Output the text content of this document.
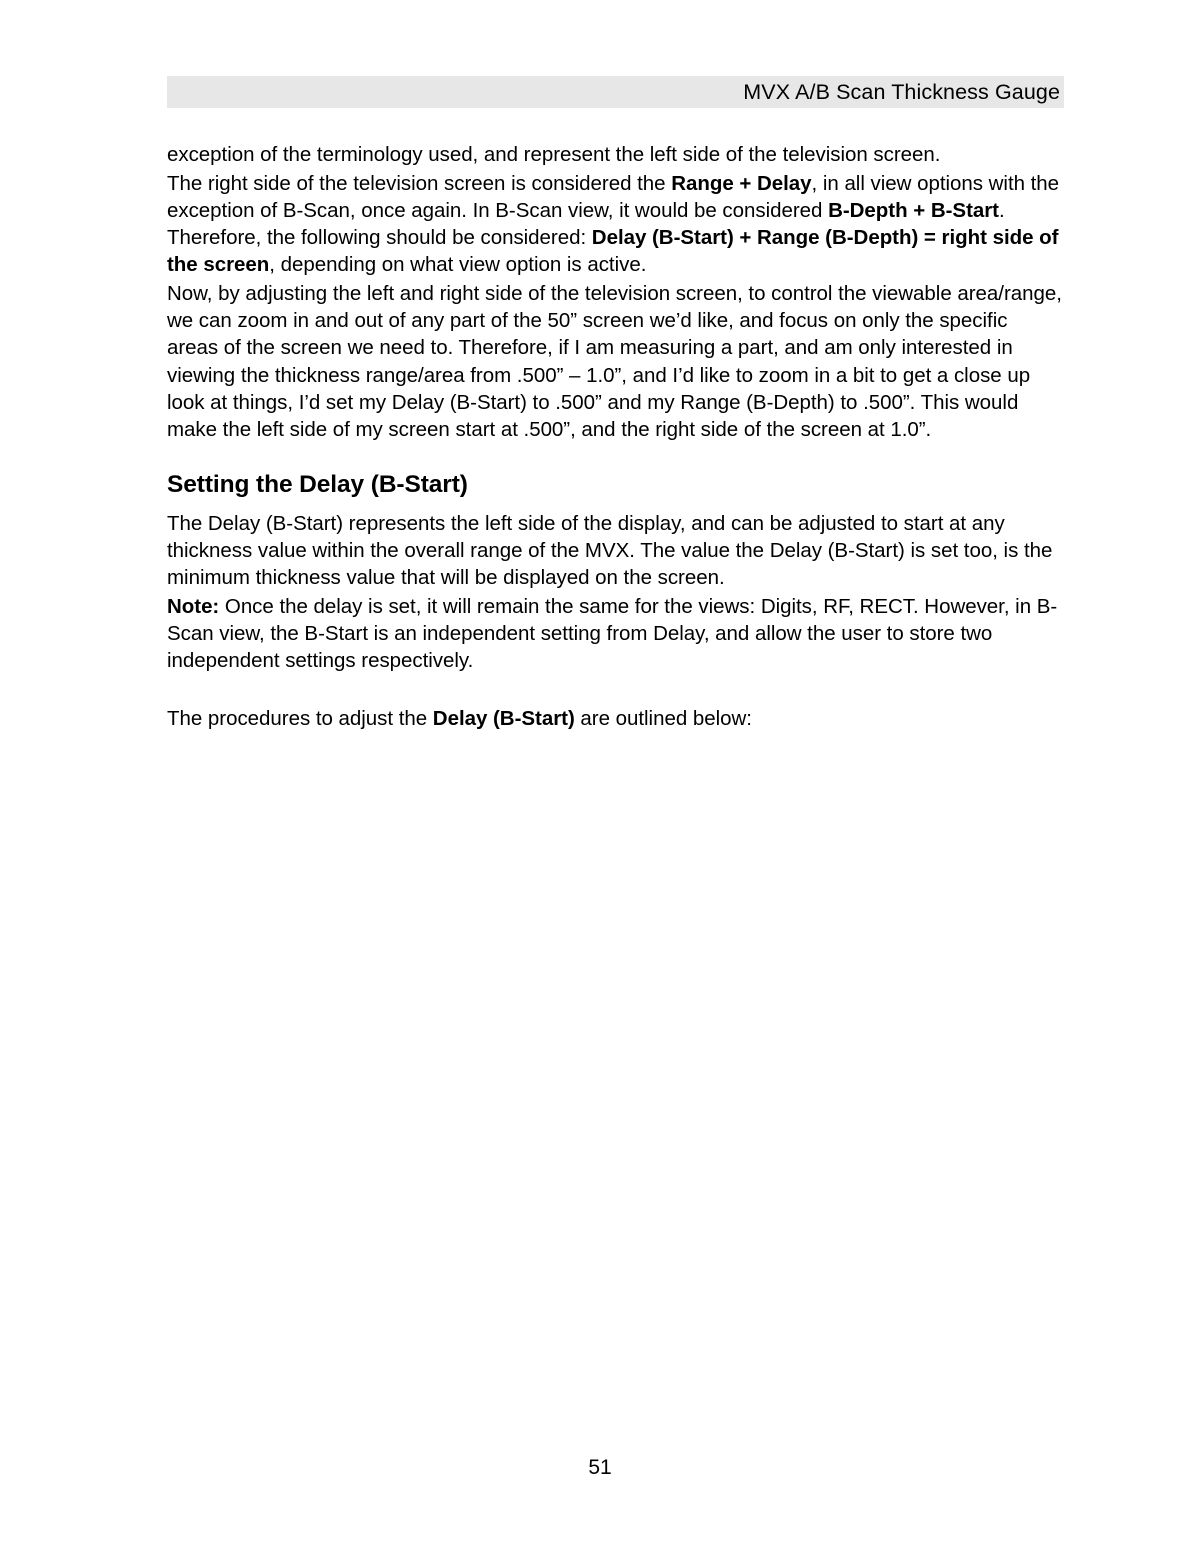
MVX A/B Scan Thickness Gauge

exception of the terminology used, and represent the left side of the television screen.

The right side of the television screen is considered the Range + Delay, in all view options with the exception of B-Scan, once again. In B-Scan view, it would be considered B-Depth + B-Start. Therefore, the following should be considered: Delay (B-Start) + Range (B-Depth) = right side of the screen, depending on what view option is active.

Now, by adjusting the left and right side of the television screen, to control the viewable area/range, we can zoom in and out of any part of the 50” screen we’d like, and focus on only the specific areas of the screen we need to. Therefore, if I am measuring a part, and am only interested in viewing the thickness range/area from .500” – 1.0”, and I’d like to zoom in a bit to get a close up look at things, I’d set my Delay (B-Start) to .500” and my Range (B-Depth) to .500”. This would make the left side of my screen start at .500”, and the right side of the screen at 1.0”.

Setting the Delay (B-Start)

The Delay (B-Start) represents the left side of the display, and can be adjusted to start at any thickness value within the overall range of the MVX. The value the Delay (B-Start) is set too, is the minimum thickness value that will be displayed on the screen.

Note: Once the delay is set, it will remain the same for the views: Digits, RF, RECT. However, in B-Scan view, the B-Start is an independent setting from Delay, and allow the user to store two independent settings respectively.

The procedures to adjust the Delay (B-Start) are outlined below:

51
